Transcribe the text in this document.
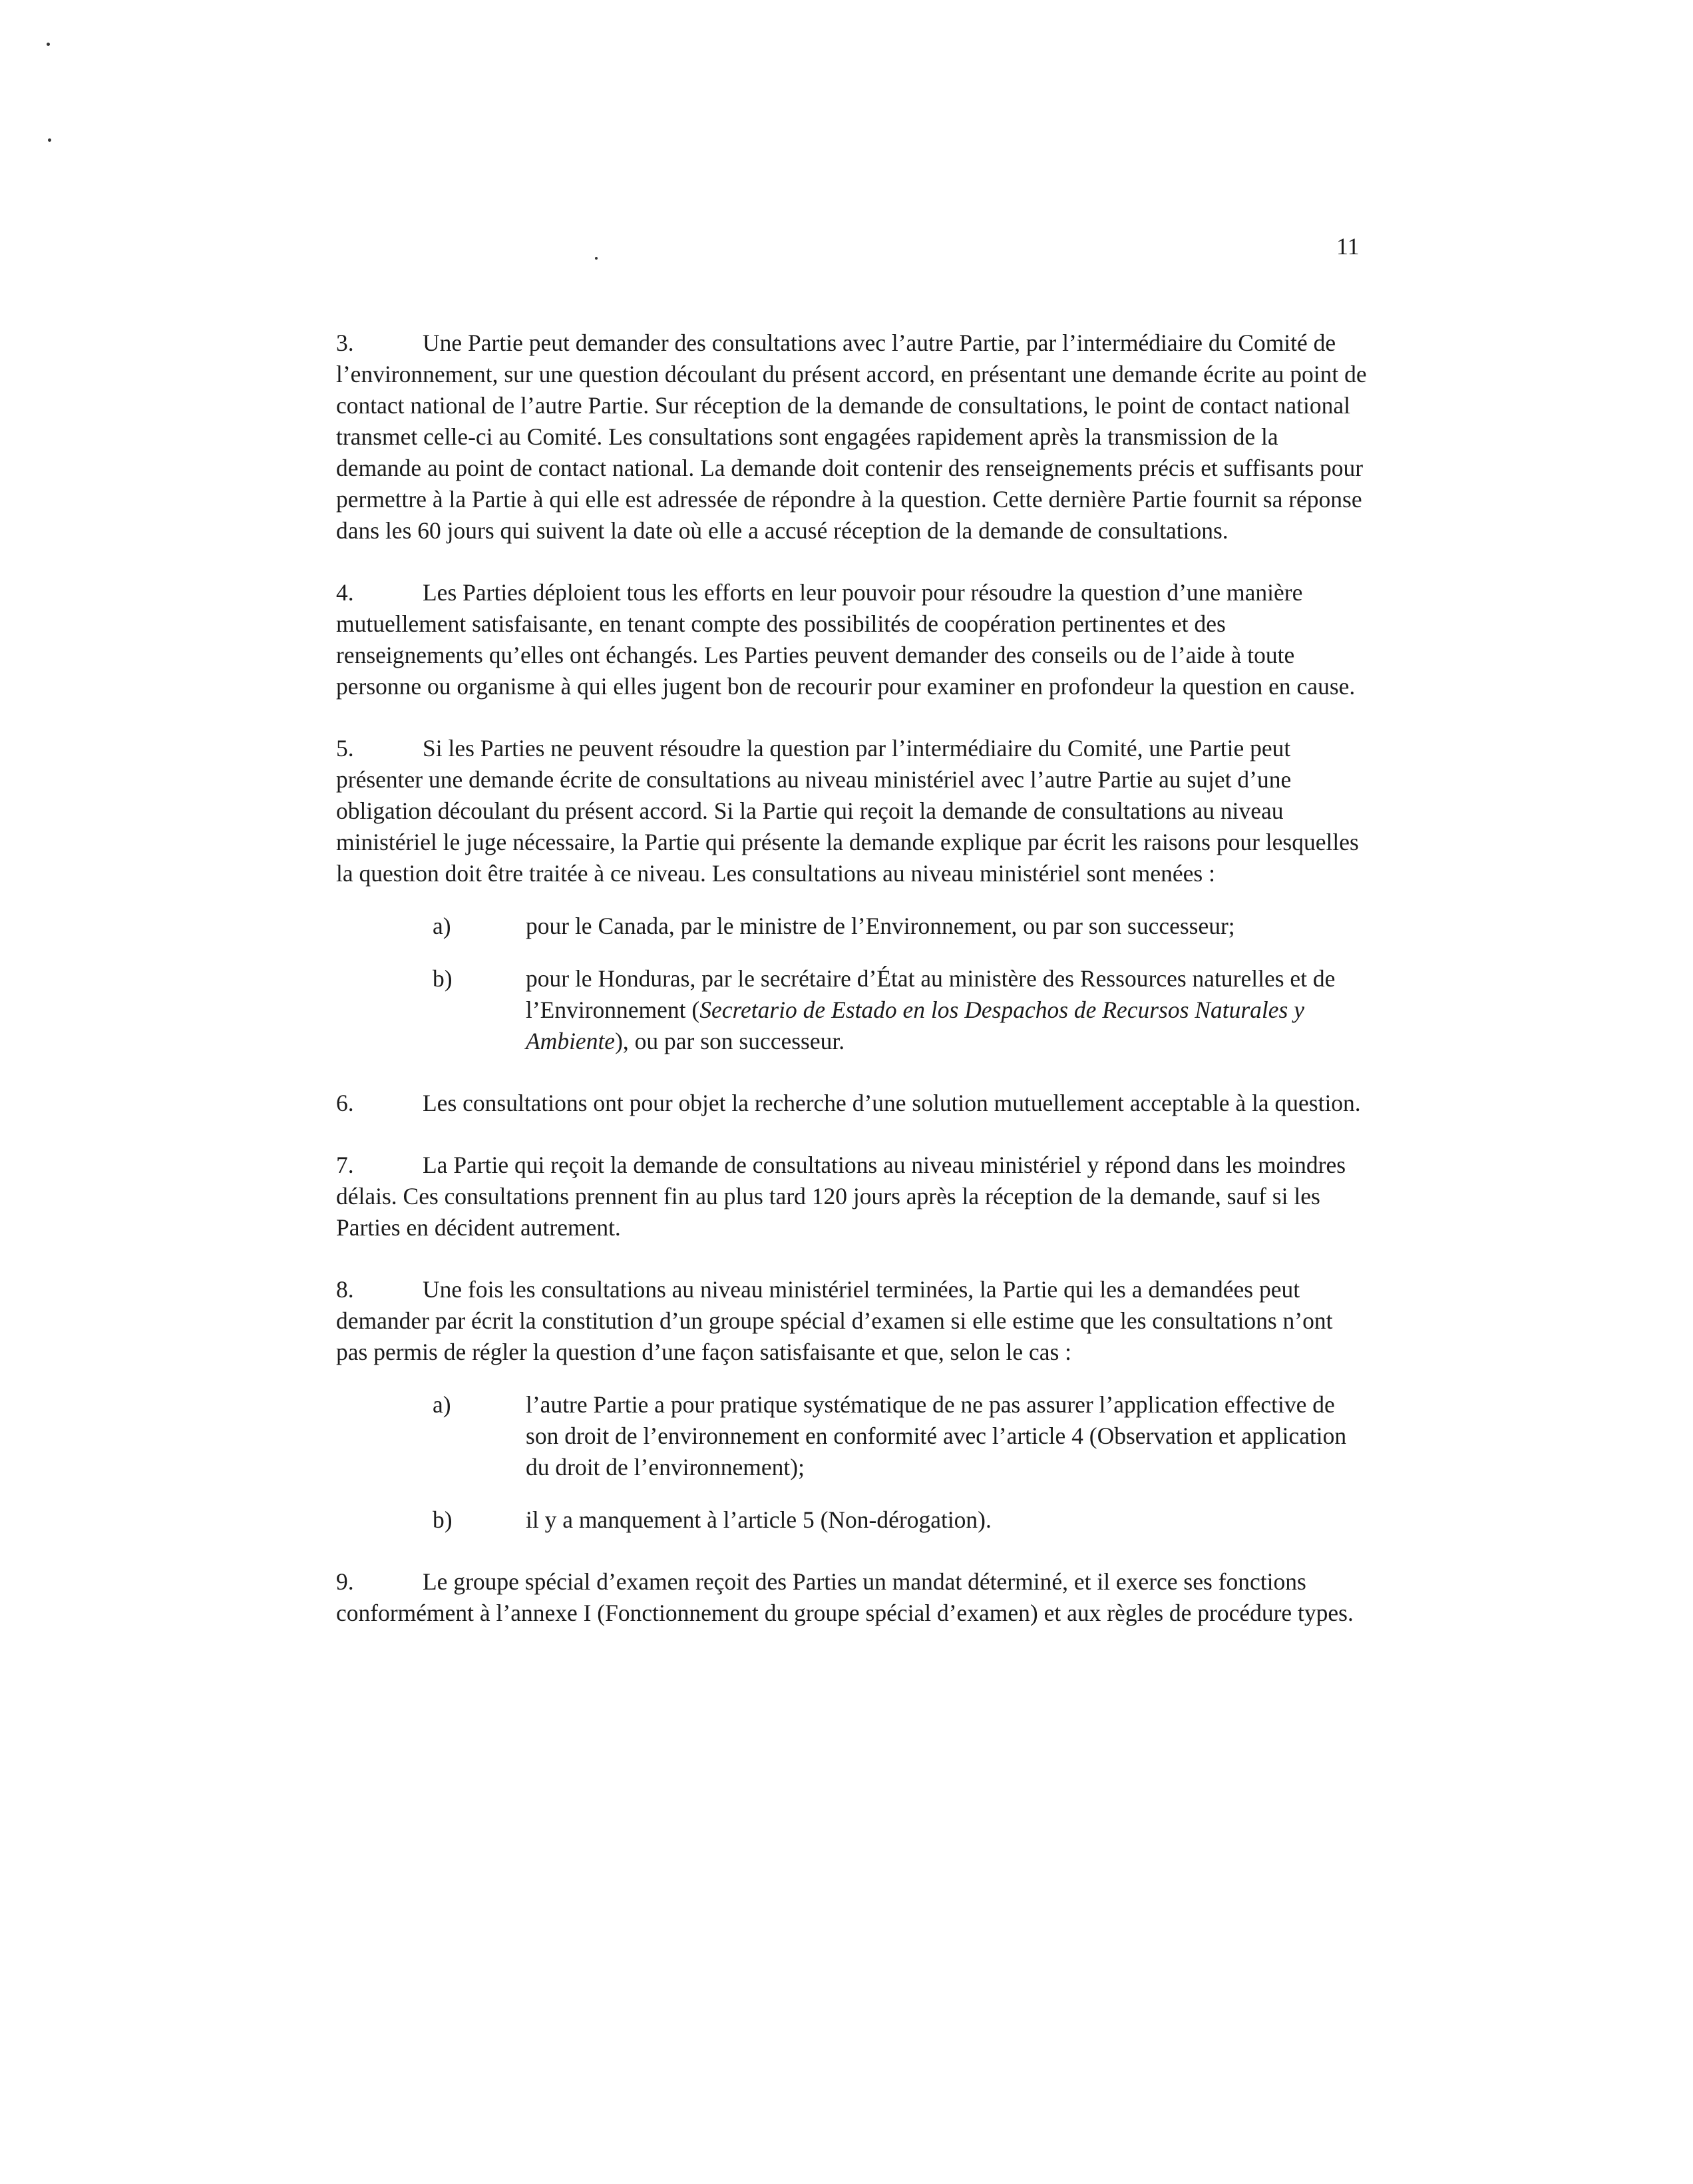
11

3.	Une Partie peut demander des consultations avec l’autre Partie, par l’intermédiaire du Comité de l’environnement, sur une question découlant du présent accord, en présentant une demande écrite au point de contact national de l’autre Partie. Sur réception de la demande de consultations, le point de contact national transmet celle-ci au Comité. Les consultations sont engagées rapidement après la transmission de la demande au point de contact national. La demande doit contenir des renseignements précis et suffisants pour permettre à la Partie à qui elle est adressée de répondre à la question. Cette dernière Partie fournit sa réponse dans les 60 jours qui suivent la date où elle a accusé réception de la demande de consultations.

4.	Les Parties déploient tous les efforts en leur pouvoir pour résoudre la question d’une manière mutuellement satisfaisante, en tenant compte des possibilités de coopération pertinentes et des renseignements qu’elles ont échangés. Les Parties peuvent demander des conseils ou de l’aide à toute personne ou organisme à qui elles jugent bon de recourir pour examiner en profondeur la question en cause.

5.	Si les Parties ne peuvent résoudre la question par l’intermédiaire du Comité, une Partie peut présenter une demande écrite de consultations au niveau ministériel avec l’autre Partie au sujet d’une obligation découlant du présent accord. Si la Partie qui reçoit la demande de consultations au niveau ministériel le juge nécessaire, la Partie qui présente la demande explique par écrit les raisons pour lesquelles la question doit être traitée à ce niveau. Les consultations au niveau ministériel sont menées :

a)	pour le Canada, par le ministre de l’Environnement, ou par son successeur;
b)	pour le Honduras, par le secrétaire d’État au ministère des Ressources naturelles et de l’Environnement (Secretario de Estado en los Despachos de Recursos Naturales y Ambiente), ou par son successeur.

6.	Les consultations ont pour objet la recherche d’une solution mutuellement acceptable à la question.

7.	La Partie qui reçoit la demande de consultations au niveau ministériel y répond dans les moindres délais. Ces consultations prennent fin au plus tard 120 jours après la réception de la demande, sauf si les Parties en décident autrement.

8.	Une fois les consultations au niveau ministériel terminées, la Partie qui les a demandées peut demander par écrit la constitution d’un groupe spécial d’examen si elle estime que les consultations n’ont pas permis de régler la question d’une façon satisfaisante et que, selon le cas :

a)	l’autre Partie a pour pratique systématique de ne pas assurer l’application effective de son droit de l’environnement en conformité avec l’article 4 (Observation et application du droit de l’environnement);
b)	il y a manquement à l’article 5 (Non-dérogation).

9.	Le groupe spécial d’examen reçoit des Parties un mandat déterminé, et il exerce ses fonctions conformément à l’annexe I (Fonctionnement du groupe spécial d’examen) et aux règles de procédure types.
